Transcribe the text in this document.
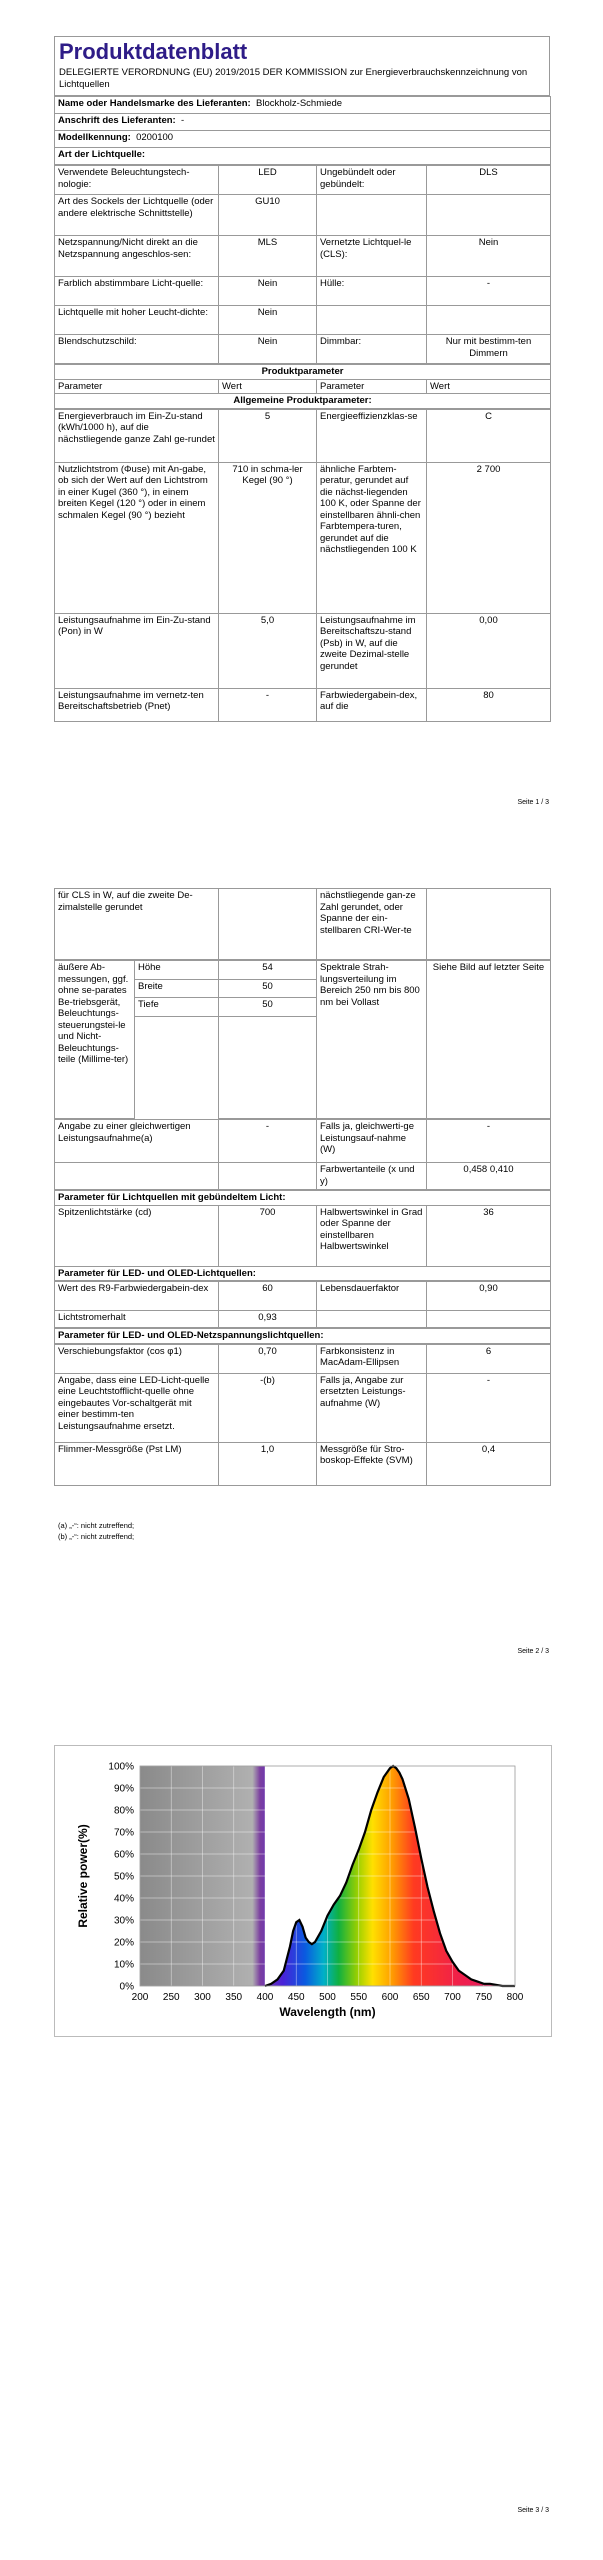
Produktdatenblatt
DELEGIERTE VERORDNUNG (EU) 2019/2015 DER KOMMISSION zur Energieverbrauchskennzeichnung von Lichtquellen
Name oder Handelsmarke des Lieferanten: Blockholz-Schmiede
Anschrift des Lieferanten: -
Modellkennung: 0200100
Art der Lichtquelle:
Verwendete Beleuchtungstech-nologie:	LED	Ungebündelt oder gebündelt:	DLS
Art des Sockels der Lichtquelle (oder andere elektrische Schnittstelle)	GU10		
Netzspannung/Nicht direkt an die Netzspannung angeschlos-sen:	MLS	Vernetzte Lichtquel-le (CLS):	Nein
Farblich abstimmbare Licht-quelle:	Nein	Hülle:	-
Lichtquelle mit hoher Leucht-dichte:	Nein		
Blendschutzschild:	Nein	Dimmbar:	Nur mit bestimm-ten Dimmern
Produktparameter
Parameter	Wert	Parameter	Wert
Allgemeine Produktparameter:
Energieverbrauch im Ein-Zu-stand (kWh/1000 h), auf die nächstliegende ganze Zahl ge-rundet	5	Energieeffizienzklas-se	C
Nutzlichtstrom (Φuse) mit An-gabe, ob sich der Wert auf den Lichtstrom in einer Kugel (360 °), in einem breiten Kegel (120 °) oder in einem schmalen Kegel (90 °) bezieht	710 in schma-ler Kegel (90 °)	ähnliche Farbtem-peratur, gerundet auf die nächst-liegenden 100 K, oder Spanne der einstellbaren ähnli-chen Farbtempera-turen, gerundet auf die nächstliegenden 100 K	2 700
Leistungsaufnahme im Ein-Zu-stand (Pon) in W	5,0	Leistungsaufnahme im Bereitschaftszu-stand (Psb) in W, auf die zweite Dezimal-stelle gerundet	0,00
Leistungsaufnahme im vernetz-ten Bereitschaftsbetrieb (Pnet)	-	Farbwiedergabein-dex, auf die	80
Seite 1 / 3
für CLS in W, auf die zweite De-zimalstelle gerundet		nächstliegende gan-ze Zahl gerundet, oder Spanne der ein-stellbaren CRI-Wer-te	
äußere Ab-messungen, ggf. ohne se-parates Be-triebsgerät, Beleuchtungs-steuerungstei-le und Nicht-Beleuchtungs-teile (Millime-ter)	Höhe	54	Spektrale Strah-lungsverteilung im Bereich 250 nm bis 800 nm bei Vollast	Siehe Bild auf letzter Seite
	Breite	50		
	Tiefe	50		

Angabe zu einer gleichwertigen Leistungsaufnahme(a)	-	Falls ja, gleichwerti-ge Leistungsauf-nahme (W)	-
		Farbwertanteile (x und y)	0,458 0,410
Parameter für Lichtquellen mit gebündeltem Licht:
Spitzenlichtstärke (cd)	700	Halbwertswinkel in Grad oder Spanne der einstellbaren Halbwertswinkel	36
Parameter für LED- und OLED-Lichtquellen:
Wert des R9-Farbwiedergabein-dex	60	Lebensdauerfaktor	0,90
Lichtstromerhalt	0,93		
Parameter für LED- und OLED-Netzspannungslichtquellen:
Verschiebungsfaktor (cos φ1)	0,70	Farbkonsistenz in MacAdam-Ellipsen	6
Angabe, dass eine LED-Licht-quelle eine Leuchtstofflicht-quelle ohne eingebautes Vor-schaltgerät mit einer bestimm-ten Leistungsaufnahme ersetzt.	-(b)	Falls ja, Angabe zur ersetzten Leistungs-aufnahme (W)	-
Flimmer-Messgröße (Pst LM)	1,0	Messgröße für Stro-boskop-Effekte (SVM)	0,4
(a) „-“: nicht zutreffend;
(b) „-“: nicht zutreffend;
Seite 2 / 3
0%
10%
20%
30%
40%
50%
60%
70%
80%
90%
100%
200 250 300 350 400 450 500 550 600 650 700 750 800
Wavelength (nm)
Relative power(%)
Seite 3 / 3
